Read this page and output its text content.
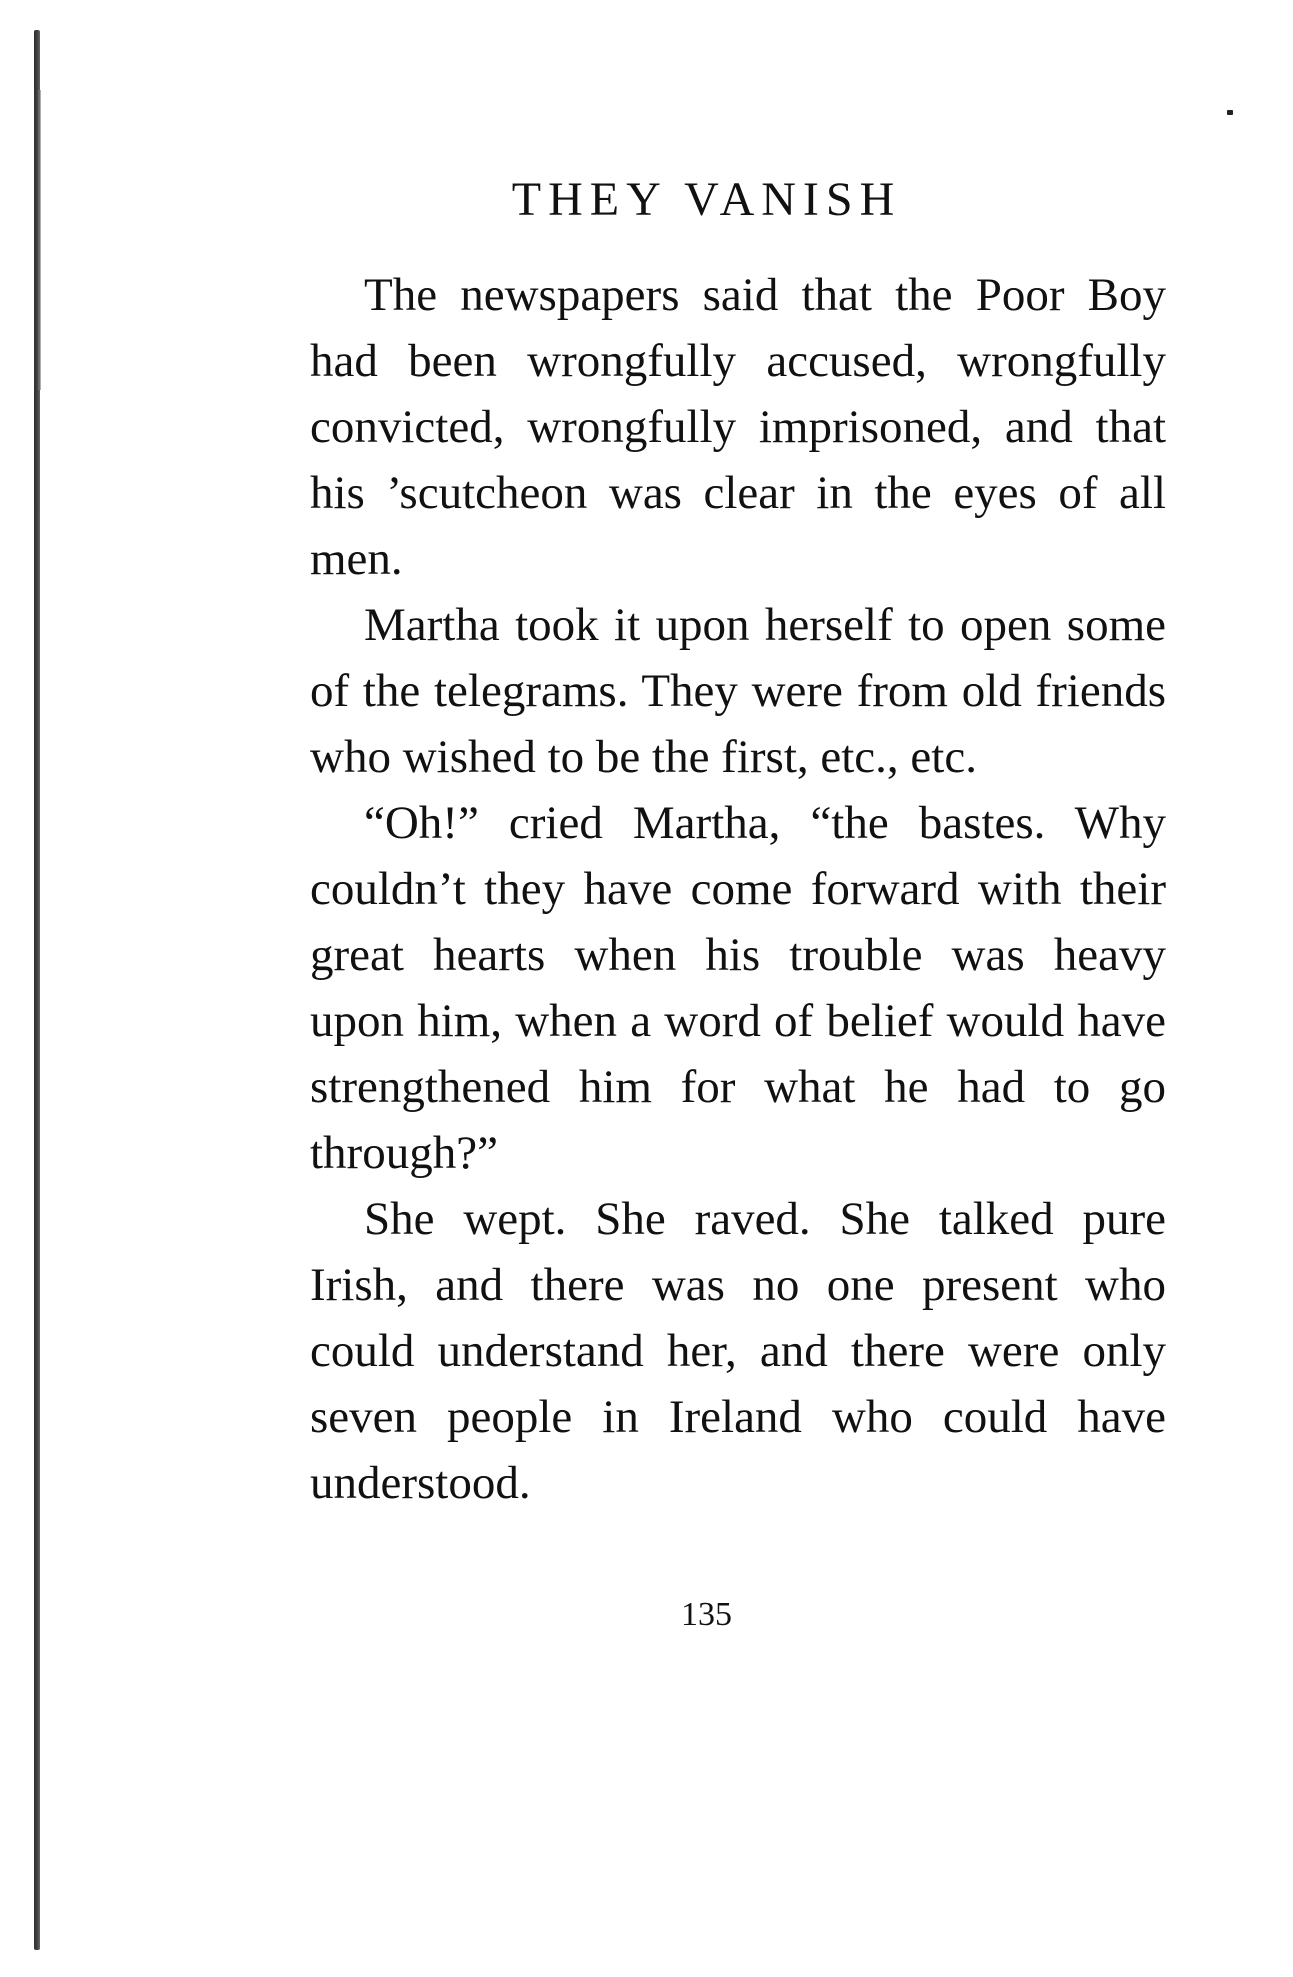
THEY VANISH

The newspapers said that the Poor Boy had been wrongfully accused, wrongfully convicted, wrongfully imprisoned, and that his ’scutcheon was clear in the eyes of all men.

Martha took it upon herself to open some of the telegrams. They were from old friends who wished to be the first, etc., etc.

“Oh!” cried Martha, “the bastes. Why couldn’t they have come forward with their great hearts when his trouble was heavy upon him, when a word of belief would have strengthened him for what he had to go through?”

She wept. She raved. She talked pure Irish, and there was no one present who could understand her, and there were only seven people in Ireland who could have understood.

135
